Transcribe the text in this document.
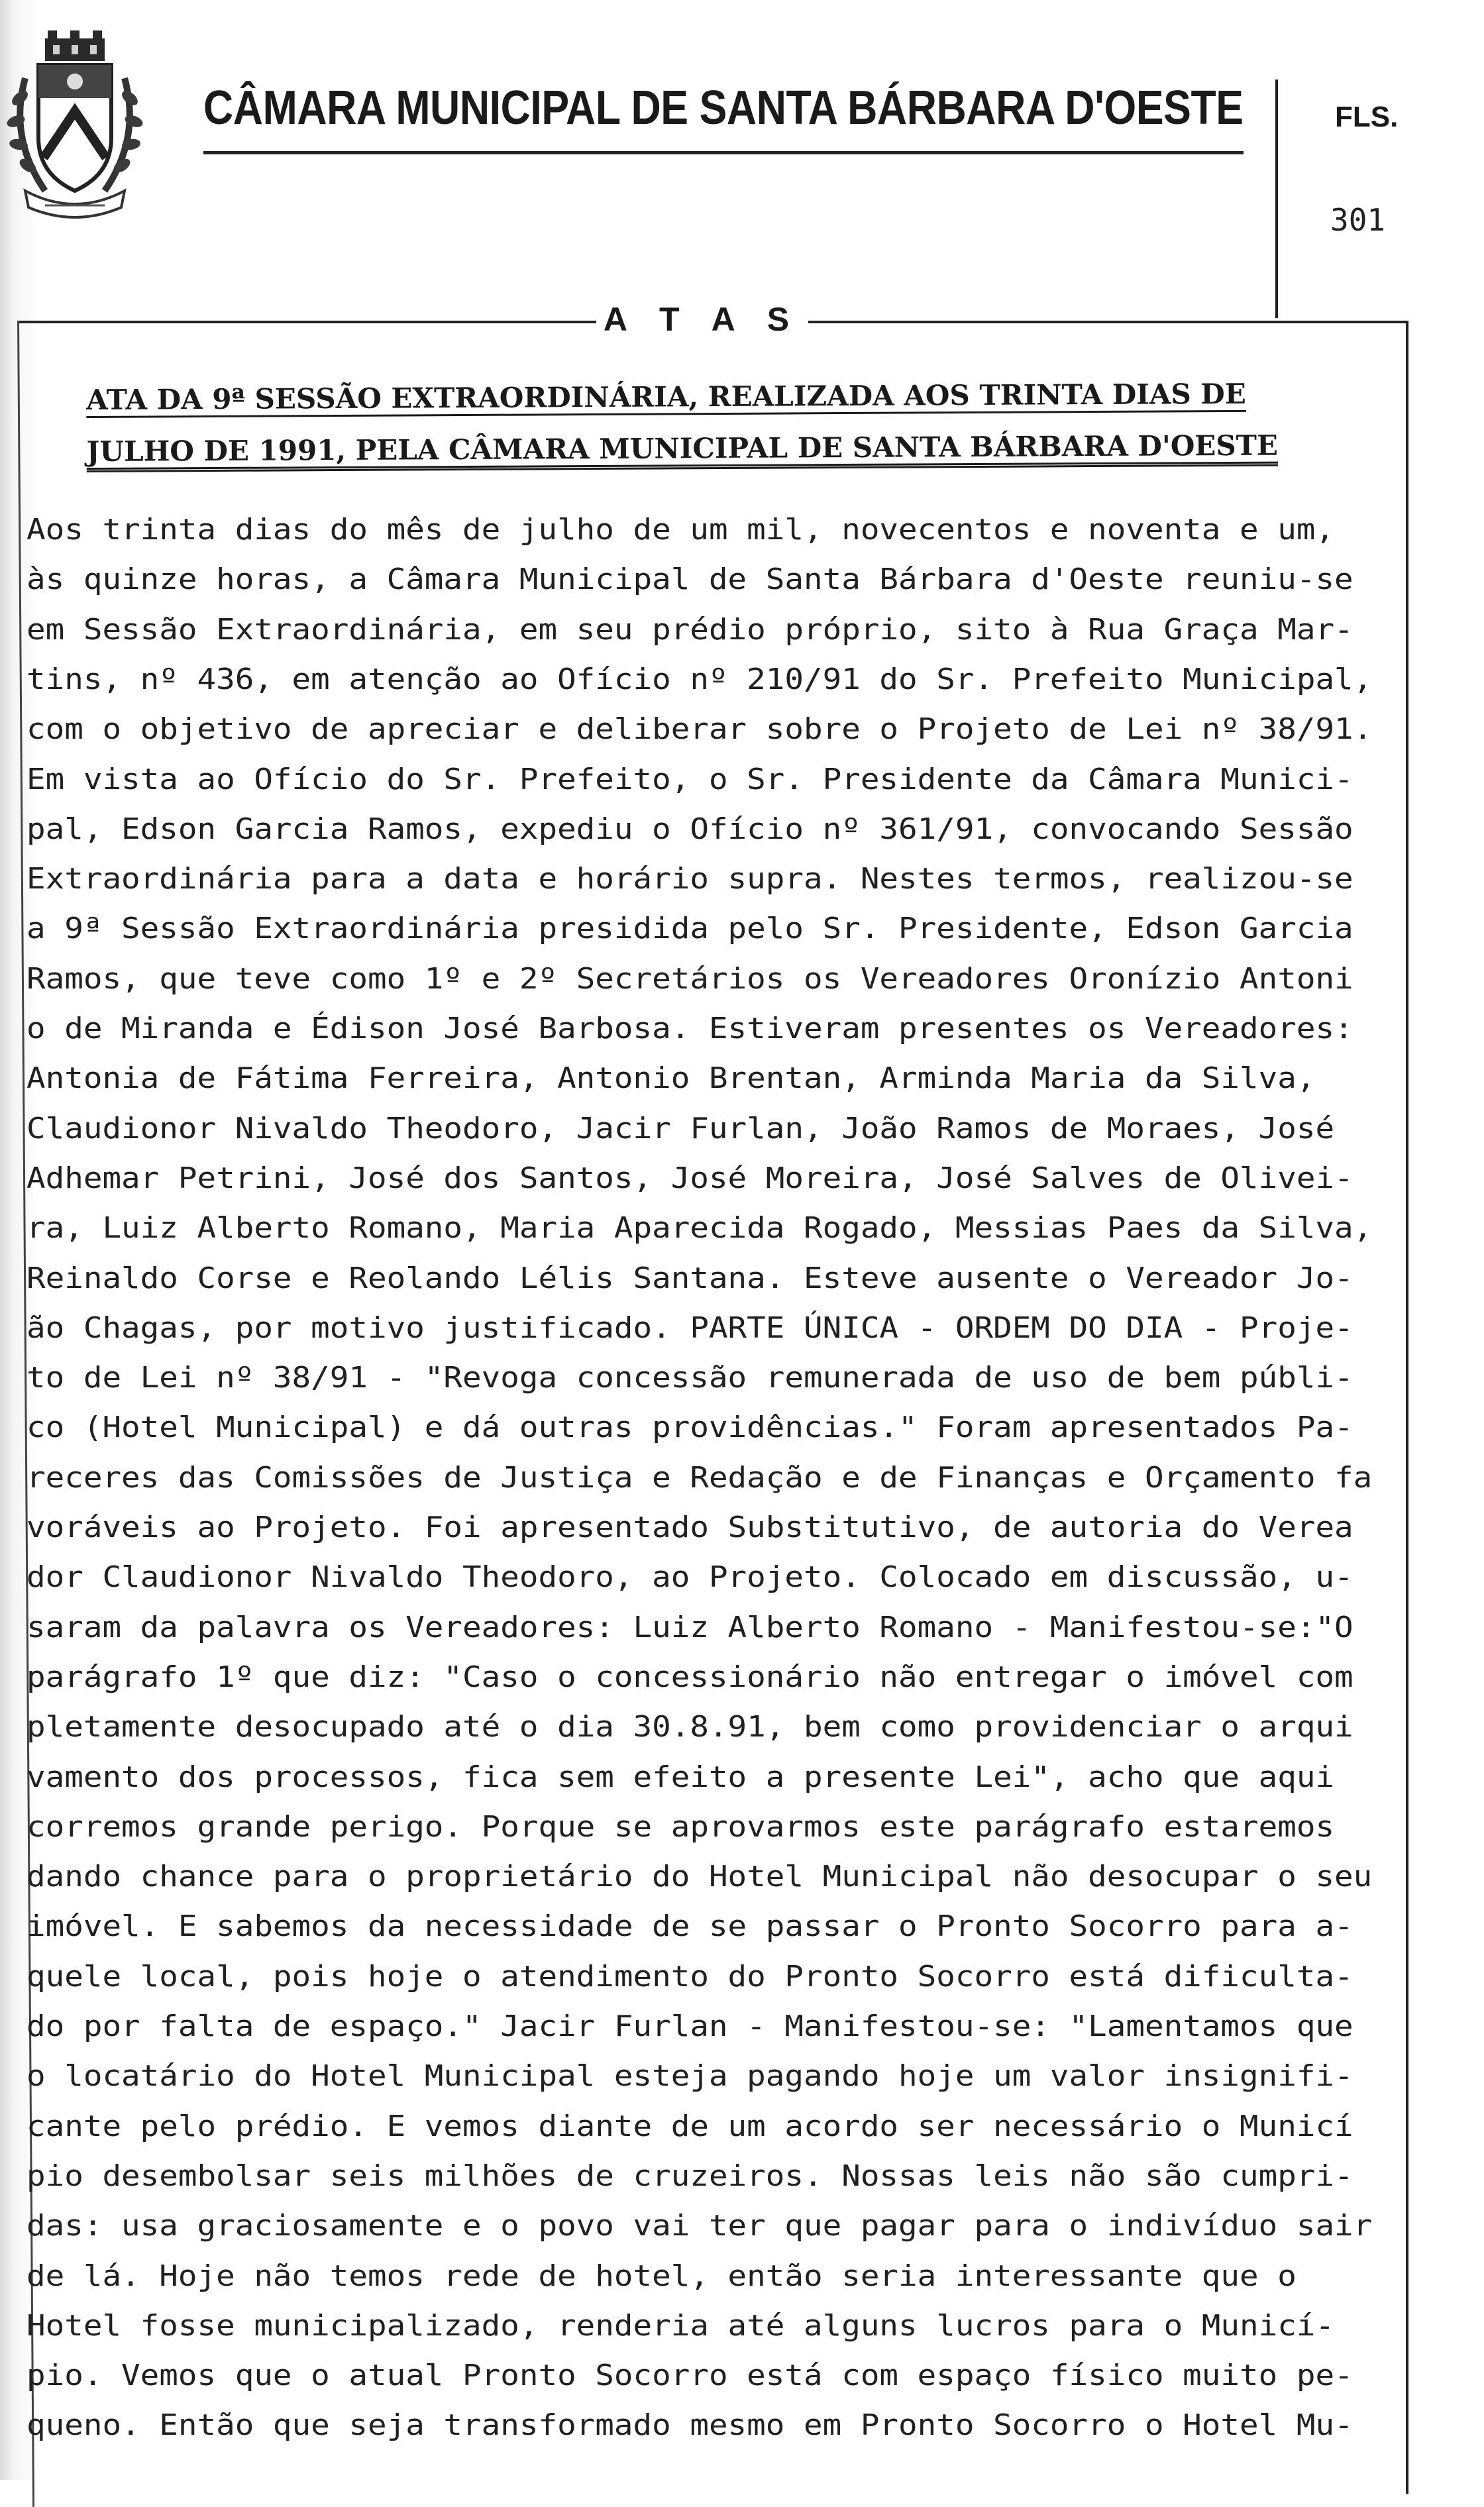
CÂMARA MUNICIPAL DE SANTA BÁRBARA D'OESTE	FLS.
301
A T A S
ATA DA 9ª SESSÃO EXTRAORDINÁRIA, REALIZADA AOS TRINTA DIAS DE
JULHO DE 1991, PELA CÂMARA MUNICIPAL DE SANTA BÁRBARA D'OESTE
Aos trinta dias do mês de julho de um mil, novecentos e noventa e um,
às quinze horas, a Câmara Municipal de Santa Bárbara d'Oeste reuniu-se
em Sessão Extraordinária, em seu prédio próprio, sito à Rua Graça Mar-
tins, nº 436, em atenção ao Ofício nº 210/91 do Sr. Prefeito Municipal,
com o objetivo de apreciar e deliberar sobre o Projeto de Lei nº 38/91.
Em vista ao Ofício do Sr. Prefeito, o Sr. Presidente da Câmara Munici-
pal, Edson Garcia Ramos, expediu o Ofício nº 361/91, convocando Sessão
Extraordinária para a data e horário supra. Nestes termos, realizou-se
a 9ª Sessão Extraordinária presidida pelo Sr. Presidente, Edson Garcia
Ramos, que teve como 1º e 2º Secretários os Vereadores Oronízio Antoni
o de Miranda e Édison José Barbosa. Estiveram presentes os Vereadores:
Antonia de Fátima Ferreira, Antonio Brentan, Arminda Maria da Silva,
Claudionor Nivaldo Theodoro, Jacir Furlan, João Ramos de Moraes, José
Adhemar Petrini, José dos Santos, José Moreira, José Salves de Olivei-
ra, Luiz Alberto Romano, Maria Aparecida Rogado, Messias Paes da Silva,
Reinaldo Corse e Reolando Lélis Santana. Esteve ausente o Vereador Jo-
ão Chagas, por motivo justificado. PARTE ÚNICA - ORDEM DO DIA - Proje-
to de Lei nº 38/91 - "Revoga concessão remunerada de uso de bem públi-
co (Hotel Municipal) e dá outras providências." Foram apresentados Pa-
receres das Comissões de Justiça e Redação e de Finanças e Orçamento fa
voráveis ao Projeto. Foi apresentado Substitutivo, de autoria do Verea
dor Claudionor Nivaldo Theodoro, ao Projeto. Colocado em discussão, u-
saram da palavra os Vereadores: Luiz Alberto Romano - Manifestou-se:"O
parágrafo 1º que diz: "Caso o concessionário não entregar o imóvel com
pletamente desocupado até o dia 30.8.91, bem como providenciar o arqui
vamento dos processos, fica sem efeito a presente Lei", acho que aqui
corremos grande perigo. Porque se aprovarmos este parágrafo estaremos
dando chance para o proprietário do Hotel Municipal não desocupar o seu
imóvel. E sabemos da necessidade de se passar o Pronto Socorro para a-
quele local, pois hoje o atendimento do Pronto Socorro está dificulta-
do por falta de espaço." Jacir Furlan - Manifestou-se: "Lamentamos que
o locatário do Hotel Municipal esteja pagando hoje um valor insignifi-
cante pelo prédio. E vemos diante de um acordo ser necessário o Municí
pio desembolsar seis milhões de cruzeiros. Nossas leis não são cumpri-
das: usa graciosamente e o povo vai ter que pagar para o indivíduo sair
de lá. Hoje não temos rede de hotel, então seria interessante que o
Hotel fosse municipalizado, renderia até alguns lucros para o Municí-
pio. Vemos que o atual Pronto Socorro está com espaço físico muito pe-
queno. Então que seja transformado mesmo em Pronto Socorro o Hotel Mu-
